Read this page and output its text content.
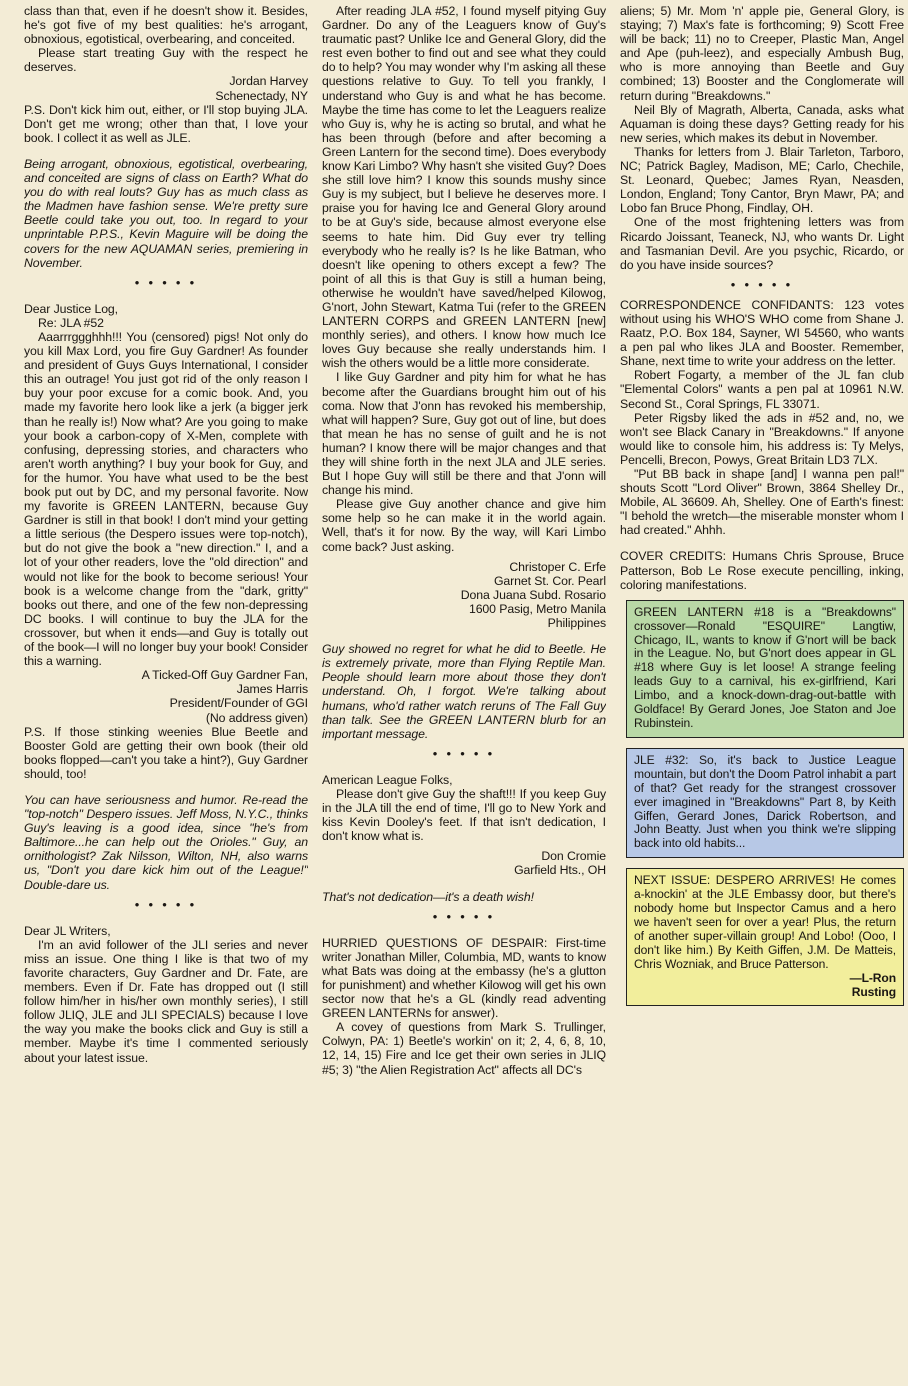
class than that, even if he doesn't show it. Besides, he's got five of my best qualities: he's arrogant, obnoxious, egotistical, overbearing, and conceited.

Please start treating Guy with the respect he deserves.

Jordan Harvey

Schenectady, NY

P.S. Don't kick him out, either, or I'll stop buying JLA. Don't get me wrong; other than that, I love your book. I collect it as well as JLE.

Being arrogant, obnoxious, egotistical, overbearing, and conceited are signs of class on Earth? What do you do with real louts? Guy has as much class as the Madmen have fashion sense. We're pretty sure Beetle could take you out, too. In regard to your unprintable P.P.S., Kevin Maguire will be doing the covers for the new AQUAMAN series, premiering in November.

• • • • •

Dear Justice Log,

Re: JLA #52

Aaarrrggghhh!!! You (censored) pigs! Not only do you kill Max Lord, you fire Guy Gardner! As founder and president of Guys Guys International, I consider this an outrage! You just got rid of the only reason I buy your poor excuse for a comic book. And, you made my favorite hero look like a jerk (a bigger jerk than he really is!) Now what? Are you going to make your book a carbon-copy of X-Men, complete with confusing, depressing stories, and characters who aren't worth anything? I buy your book for Guy, and for the humor. You have what used to be the best book put out by DC, and my personal favorite. Now my favorite is GREEN LANTERN, because Guy Gardner is still in that book! I don't mind your getting a little serious (the Despero issues were top-notch), but do not give the book a "new direction." I, and a lot of your other readers, love the "old direction" and would not like for the book to become serious! Your book is a welcome change from the "dark, gritty" books out there, and one of the few non-depressing DC books. I will continue to buy the JLA for the crossover, but when it ends—and Guy is totally out of the book—I will no longer buy your book! Consider this a warning.

A Ticked-Off Guy Gardner Fan,

James Harris

President/Founder of GGI

(No address given)

P.S. If those stinking weenies Blue Beetle and Booster Gold are getting their own book (their old books flopped—can't you take a hint?), Guy Gardner should, too!

You can have seriousness and humor. Re-read the "top-notch" Despero issues. Jeff Moss, N.Y.C., thinks Guy's leaving is a good idea, since "he's from Baltimore...he can help out the Orioles." Guy, an ornithologist? Zak Nilsson, Wilton, NH, also warns us, "Don't you dare kick him out of the League!" Double-dare us.

• • • • •

Dear JL Writers,

I'm an avid follower of the JLI series and never miss an issue. One thing I like is that two of my favorite characters, Guy Gardner and Dr. Fate, are members. Even if Dr. Fate has dropped out (I still follow him/her in his/her own monthly series), I still follow JLIQ, JLE and JLI SPECIALS) because I love the way you make the books click and Guy is still a member. Maybe it's time I commented seriously about your latest issue.

After reading JLA #52, I found myself pitying Guy Gardner. Do any of the Leaguers know of Guy's traumatic past? Unlike Ice and General Glory, did the rest even bother to find out and see what they could do to help? You may wonder why I'm asking all these questions relative to Guy. To tell you frankly, I understand who Guy is and what he has become. Maybe the time has come to let the Leaguers realize who Guy is, why he is acting so brutal, and what he has been through (before and after becoming a Green Lantern for the second time). Does everybody know Kari Limbo? Why hasn't she visited Guy? Does she still love him? I know this sounds mushy since Guy is my subject, but I believe he deserves more. I praise you for having Ice and General Glory around to be at Guy's side, because almost everyone else seems to hate him. Did Guy ever try telling everybody who he really is? Is he like Batman, who doesn't like opening to others except a few? The point of all this is that Guy is still a human being, otherwise he wouldn't have saved/helped Kilowog, G'nort, John Stewart, Katma Tui (refer to the GREEN LANTERN CORPS and GREEN LANTERN [new] monthly series), and others. I know how much Ice loves Guy because she really understands him. I wish the others would be a little more considerate.

I like Guy Gardner and pity him for what he has become after the Guardians brought him out of his coma. Now that J'onn has revoked his membership, what will happen? Sure, Guy got out of line, but does that mean he has no sense of guilt and he is not human? I know there will be major changes and that they will shine forth in the next JLA and JLE series. But I hope Guy will still be there and that J'onn will change his mind.

Please give Guy another chance and give him some help so he can make it in the world again. Well, that's it for now. By the way, will Kari Limbo come back? Just asking.

Christoper C. Erfe

Garnet St. Cor. Pearl

Dona Juana Subd. Rosario

1600 Pasig, Metro Manila

Philippines

Guy showed no regret for what he did to Beetle. He is extremely private, more than Flying Reptile Man. People should learn more about those they don't understand. Oh, I forgot. We're talking about humans, who'd rather watch reruns of The Fall Guy than talk. See the GREEN LANTERN blurb for an important message.

• • • • •

American League Folks,

Please don't give Guy the shaft!!! If you keep Guy in the JLA till the end of time, I'll go to New York and kiss Kevin Dooley's feet. If that isn't dedication, I don't know what is.

Don Cromie

Garfield Hts., OH

That's not dedication—it's a death wish!

• • • • •

HURRIED QUESTIONS OF DESPAIR: First-time writer Jonathan Miller, Columbia, MD, wants to know what Bats was doing at the embassy (he's a glutton for punishment) and whether Kilowog will get his own sector now that he's a GL (kindly read adventing GREEN LANTERNs for answer).

A covey of questions from Mark S. Trullinger, Colwyn, PA: 1) Beetle's workin' on it; 2, 4, 6, 8, 10, 12, 14, 15) Fire and Ice get their own series in JLIQ #5; 3) "the Alien Registration Act" affects all DC's

aliens; 5) Mr. Mom 'n' apple pie, General Glory, is staying; 7) Max's fate is forthcoming; 9) Scott Free will be back; 11) no to Creeper, Plastic Man, Angel and Ape (puh-leez), and especially Ambush Bug, who is more annoying than Beetle and Guy combined; 13) Booster and the Conglomerate will return during "Breakdowns."

Neil Bly of Magrath, Alberta, Canada, asks what Aquaman is doing these days? Getting ready for his new series, which makes its debut in November.

Thanks for letters from J. Blair Tarleton, Tarboro, NC; Patrick Bagley, Madison, ME; Carlo, Chechile, St. Leonard, Quebec; James Ryan, Neasden, London, England; Tony Cantor, Bryn Mawr, PA; and Lobo fan Bruce Phong, Findlay, OH.

One of the most frightening letters was from Ricardo Joissant, Teaneck, NJ, who wants Dr. Light and Tasmanian Devil. Are you psychic, Ricardo, or do you have inside sources?

• • • • •

CORRESPONDENCE CONFIDANTS: 123 votes without using his WHO'S WHO come from Shane J. Raatz, P.O. Box 184, Sayner, WI 54560, who wants a pen pal who likes JLA and Booster. Remember, Shane, next time to write your address on the letter.

Robert Fogarty, a member of the JL fan club "Elemental Colors" wants a pen pal at 10961 N.W. Second St., Coral Springs, FL 33071.

Peter Rigsby liked the ads in #52 and, no, we won't see Black Canary in "Breakdowns." If anyone would like to console him, his address is: Ty Melys, Pencelli, Brecon, Powys, Great Britain LD3 7LX.

"Put BB back in shape [and] I wanna pen pal!" shouts Scott "Lord Oliver" Brown, 3864 Shelley Dr., Mobile, AL 36609. Ah, Shelley. One of Earth's finest: "I behold the wretch—the miserable monster whom I had created." Ahhh.

COVER CREDITS: Humans Chris Sprouse, Bruce Patterson, Bob Le Rose execute pencilling, inking, coloring manifestations.

GREEN LANTERN #18 is a "Breakdowns" crossover—Ronald "ESQUIRE" Langtiw, Chicago, IL, wants to know if G'nort will be back in the League. No, but G'nort does appear in GL #18 where Guy is let loose! A strange feeling leads Guy to a carnival, his ex-girlfriend, Kari Limbo, and a knock-down-drag-out-battle with Goldface! By Gerard Jones, Joe Staton and Joe Rubinstein.

JLE #32: So, it's back to Justice League mountain, but don't the Doom Patrol inhabit a part of that? Get ready for the strangest crossover ever imagined in "Breakdowns" Part 8, by Keith Giffen, Gerard Jones, Darick Robertson, and John Beatty. Just when you think we're slipping back into old habits...

NEXT ISSUE: DESPERO ARRIVES! He comes a-knockin' at the JLE Embassy door, but there's nobody home but Inspector Camus and a hero we haven't seen for over a year! Plus, the return of another super-villain group! And Lobo! (Ooo, I don't like him.) By Keith Giffen, J.M. De Matteis, Chris Wozniak, and Bruce Patterson.

—L-Ron

Rusting
